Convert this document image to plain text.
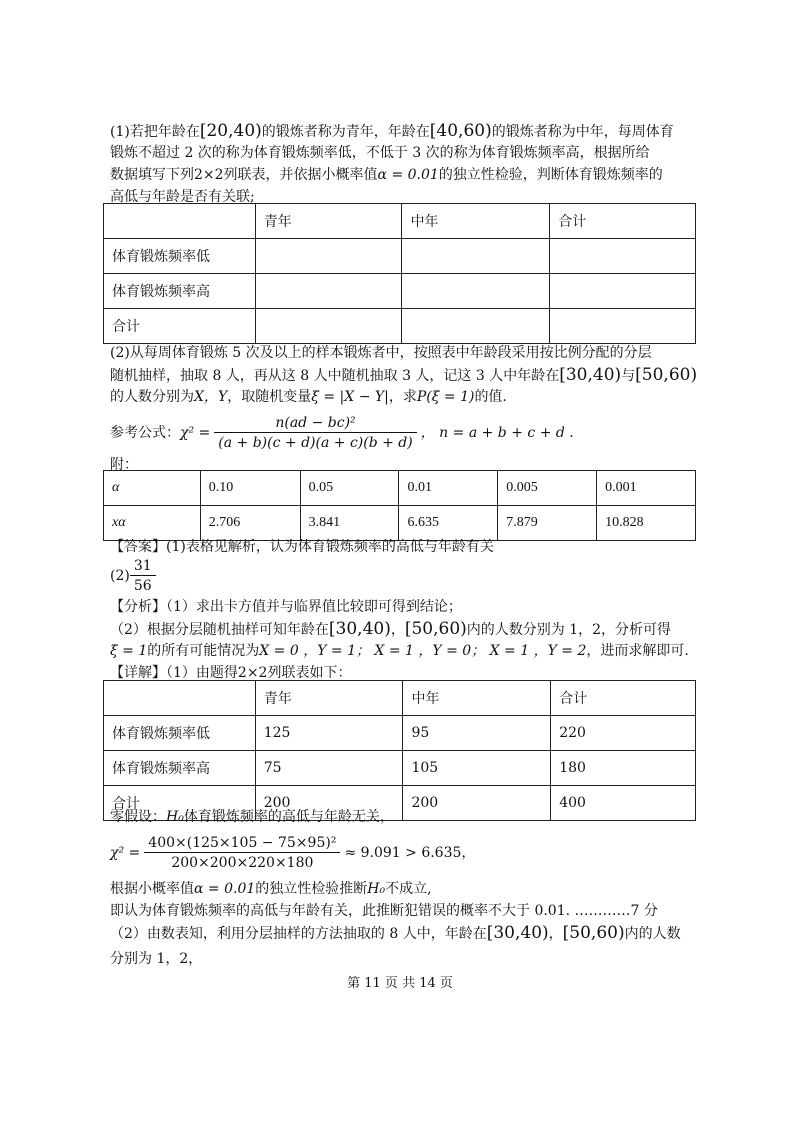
(1)若把年龄在[20,40)的锻炼者称为青年，年龄在[40,60)的锻炼者称为中年，每周体育
锻炼不超过 2 次的称为体育锻炼频率低，不低于 3 次的称为体育锻炼频率高，根据所给
数据填写下列2×2列联表，并依据小概率值α = 0.01的独立性检验，判断体育锻炼频率的
高低与年龄是否有关联;
	青年	中年	合计
体育锻炼频率低			
体育锻炼频率高			
合计			
(2)从每周体育锻炼 5 次及以上的样本锻炼者中，按照表中年龄段采用按比例分配的分层
随机抽样，抽取 8 人，再从这 8 人中随机抽取 3 人，记这 3 人中年龄在[30,40)与[50,60)
的人数分别为X，Y，取随机变量ξ = |X − Y|，求P(ξ = 1)的值.
参考公式： $\chi^2 = \frac{\text{n(ad − bc)²}}{(a + b)(c + d)(a + c)(b + d)}$ ， n = a + b + c + d .
附：
α	0.10	0.05	0.01	0.005	0.001
xα	2.706	3.841	6.635	7.879	10.828
【答案】(1)表格见解析，认为体育锻炼频率的高低与年龄有关
$(2) \frac{31}{56}$
【分析】（1）求出卡方值并与临界值比较即可得到结论；
（2）根据分层随机抽样可知年龄在[30,40)，[50,60)内的人数分别为 1，2，分析可得
ξ = 1的所有可能情况为X = 0 ，Y = 1； X = 1 ，Y = 0； X = 1 ，Y = 2，进而求解即可.
【详解】（1）由题得2×2列联表如下：
	青年	中年	合计
体育锻炼频率低	125	95	220
体育锻炼频率高	75	105	180
合计	200	200	400
零假设：H₀体育锻炼频率的高低与年龄无关，
$\chi^2 = \frac{\text{400×(125×105 − 75×95)²}}{200\times 200\times 220\times 180} \approx 9.091 > 6.635$，
根据小概率值α = 0.01的独立性检验推断H₀不成立,
即认为体育锻炼频率的高低与年龄有关，此推断犯错误的概率不大于 0.01. …………7 分
（2）由数表知，利用分层抽样的方法抽取的 8 人中，年龄在[30,40)，[50,60)内的人数
分别为 1，2，
第 11 页 共 14 页
